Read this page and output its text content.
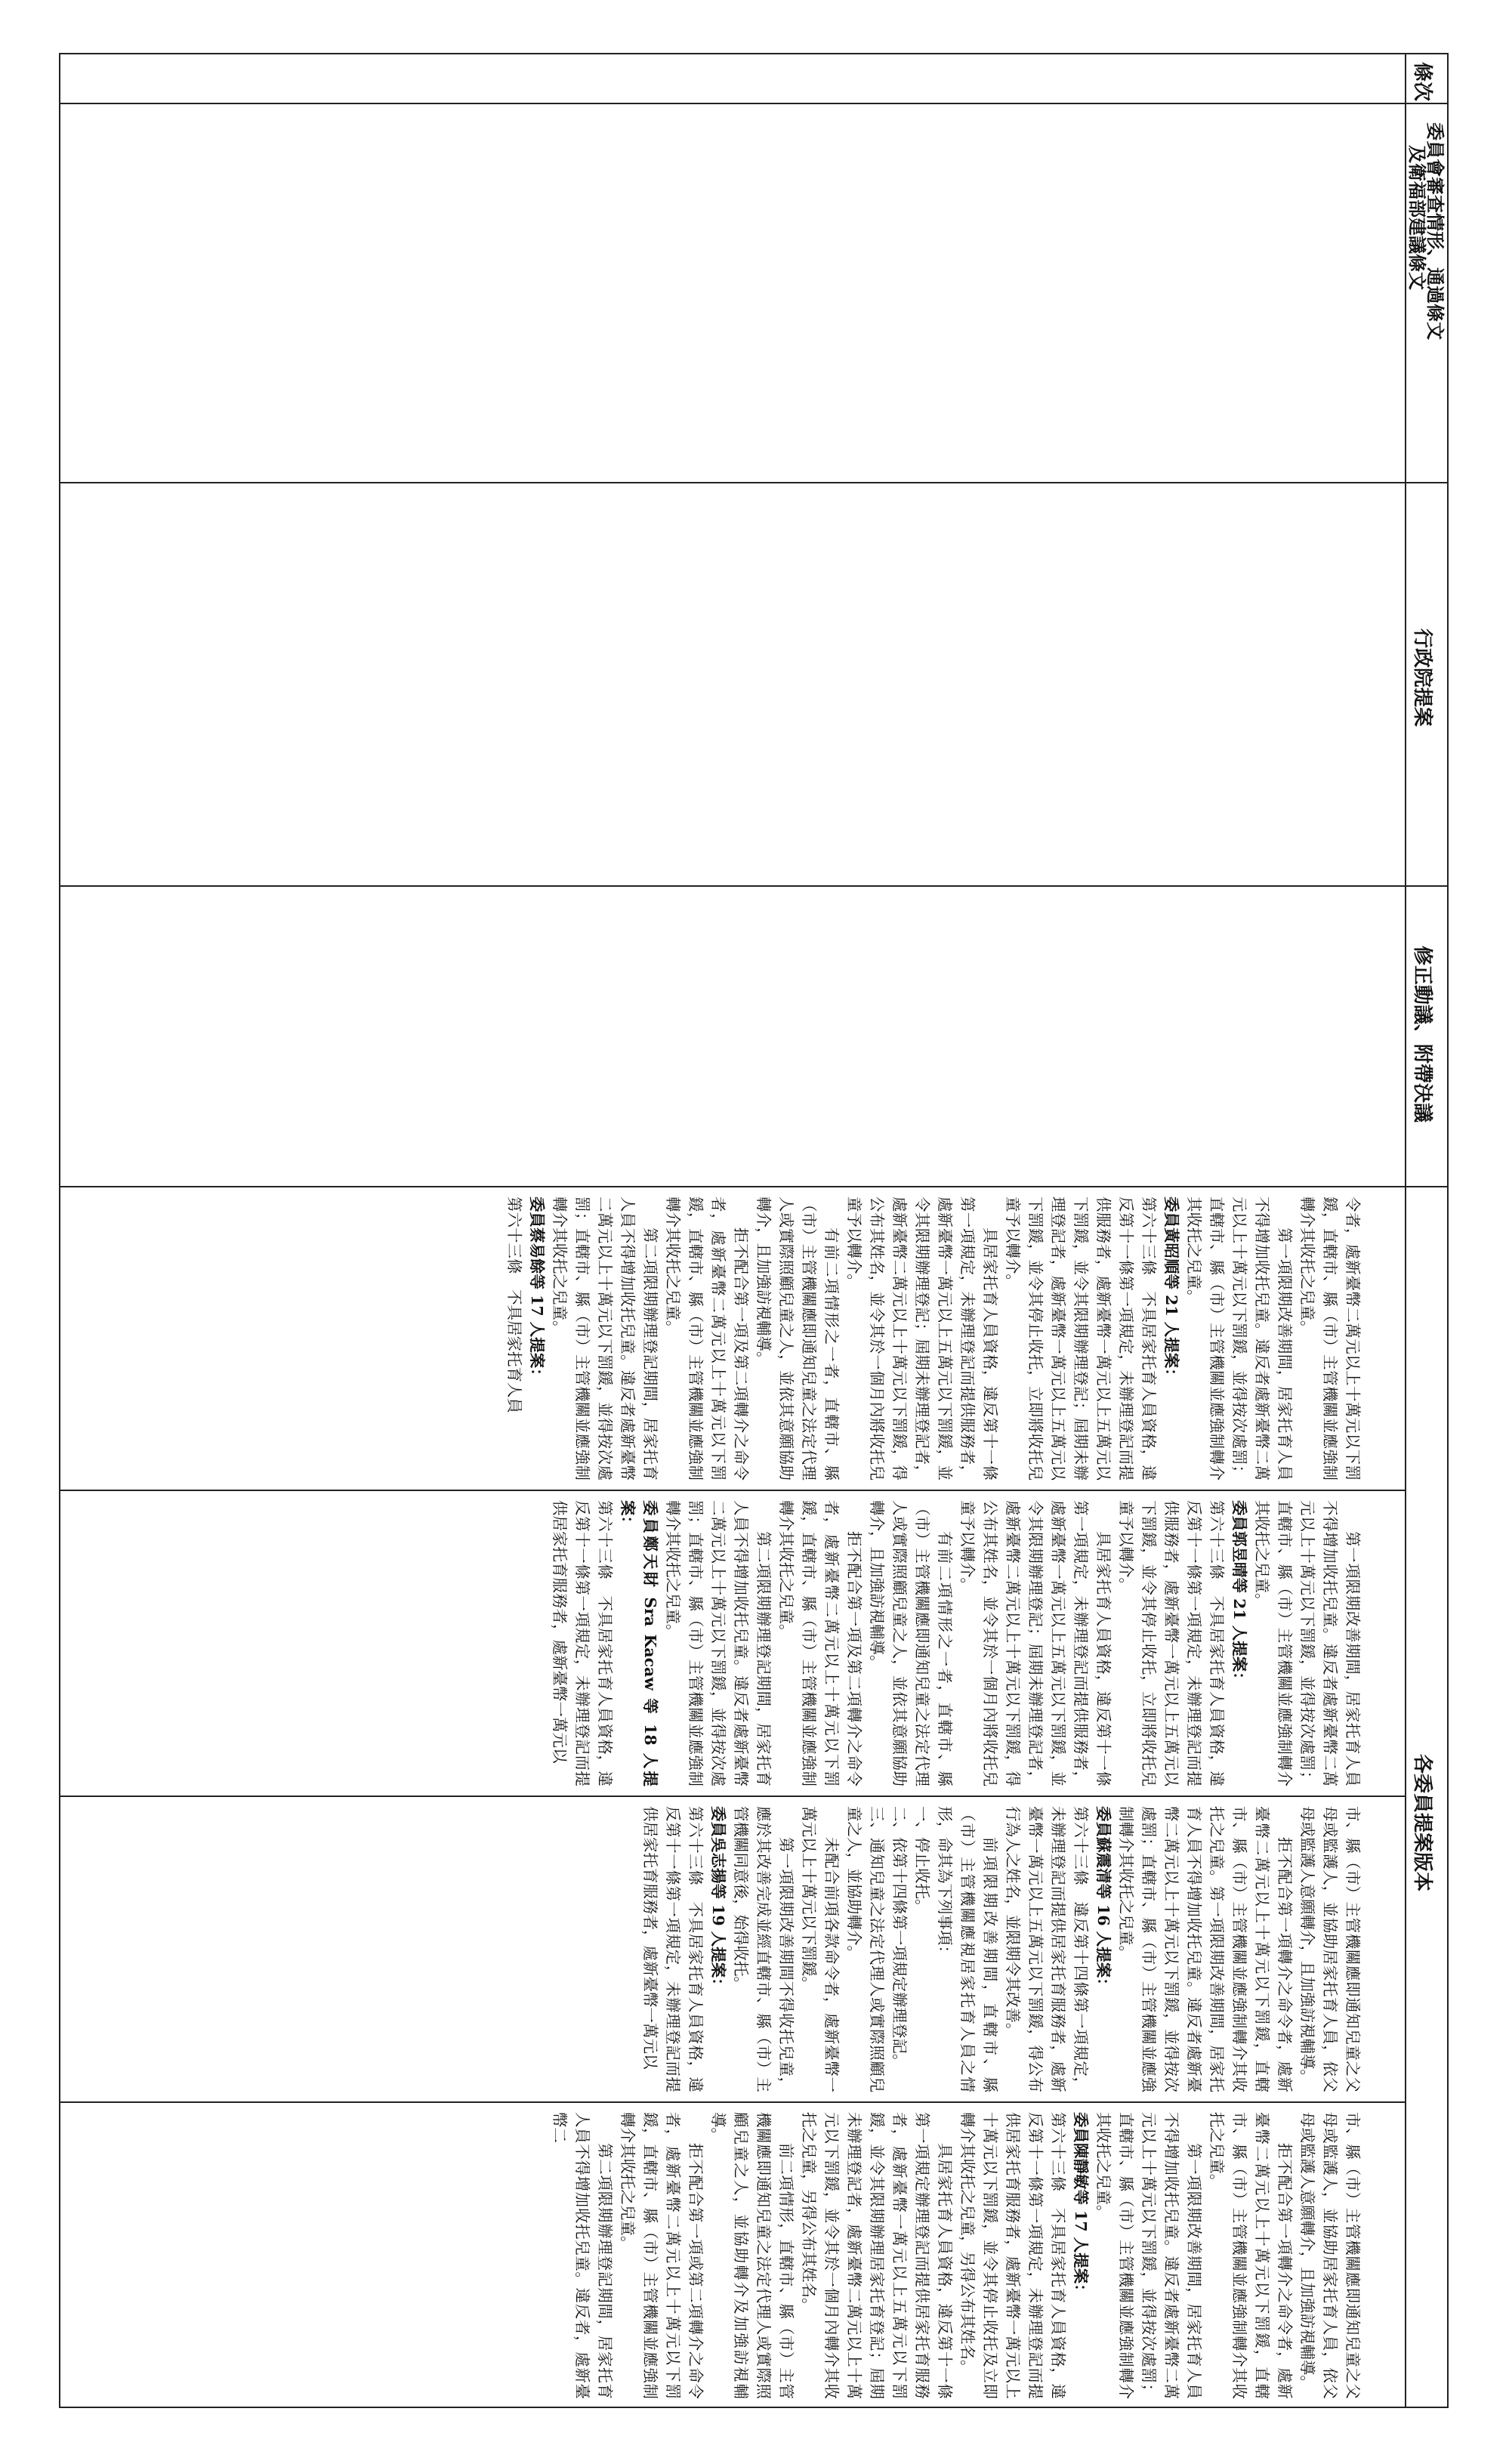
條次
委員會審查情形、通過條文
及衛福部建議條文
行政院提案
修正動議、附帶決議
各委員提案版本

令者，處新臺幣二萬元以上十萬元以下罰鍰，直轄市、縣（市）主管機關並應強制轉介其收托之兒童。

第一項限期改善期間，居家托育人員不得增加收托兒童。違反者處新臺幣二萬元以上十萬元以下罰鍰，並得按次處罰；直轄市、縣（市）主管機關並應強制轉介其收托之兒童。

委員黃昭順等 21 人提案：

第六十三條　不具居家托育人員資格，違反第十一條第一項規定，未辦理登記而提供服務者，處新臺幣一萬元以上五萬元以下罰鍰，並令其限期辦理登記；屆期未辦理登記者，處新臺幣一萬元以上五萬元以下罰鍰，並令其停止收托，立即將收托兒童予以轉介。

具居家托育人員資格，違反第十一條第一項規定，未辦理登記而提供服務者，處新臺幣一萬元以上五萬元以下罰鍰，並令其限期辦理登記；屆期未辦理登記者，處新臺幣二萬元以上十萬元以下罰鍰，得公布其姓名，並令其於一個月內將收托兒童予以轉介。

有前二項情形之一者，直轄市、縣（市）主管機關應即通知兒童之法定代理人或實際照顧兒童之人，並依其意願協助轉介，且加強訪視輔導。

拒不配合第一項及第二項轉介之命令者，處新臺幣二萬元以上十萬元以下罰鍰，直轄市、縣（市）主管機關並應強制轉介其收托之兒童。

第二項限期辦理登記期間，居家托育人員不得增加收托兒童。違反者處新臺幣二萬元以上十萬元以下罰鍰，並得按次處罰；直轄市、縣（市）主管機關並應強制轉介其收托之兒童。

委員蔡易餘等 17 人提案：

第六十三條　不具居家托育人員

第一項限期改善期間，居家托育人員不得增加收托兒童。違反者處新臺幣二萬元以上十萬元以下罰鍰，並得按次處罰；直轄市、縣（市）主管機關並應強制轉介其收托之兒童。

委員郭昱晴等 21 人提案：

第六十三條　不具居家托育人員資格，違反第十一條第一項規定，未辦理登記而提供服務者，處新臺幣一萬元以上五萬元以下罰鍰，並令其停止收托，立即將收托兒童予以轉介。

具居家托育人員資格，違反第十一條第一項規定，未辦理登記而提供服務者，處新臺幣一萬元以上五萬元以下罰鍰，並令其限期辦理登記；屆期未辦理登記者，處新臺幣二萬元以上十萬元以下罰鍰，得公布其姓名，並令其於一個月內將收托兒童予以轉介。

有前二項情形之一者，直轄市、縣（市）主管機關應即通知兒童之法定代理人或實際照顧兒童之人，並依其意願協助轉介，且加強訪視輔導。

拒不配合第一項及第二項轉介之命令者，處新臺幣二萬元以上十萬元以下罰鍰，直轄市、縣（市）主管機關並應強制轉介其收托之兒童。

第二項限期辦理登記期間，居家托育人員不得增加收托兒童。違反者處新臺幣二萬元以上十萬元以下罰鍰，並得按次處罰；直轄市、縣（市）主管機關並應強制轉介其收托之兒童。

委員鄭天財 Sra Kacaw 等 18 人提案：

第六十三條　不具居家托育人員資格，違反第十一條第一項規定，未辦理登記而提供居家托育服務者，處新臺幣一萬元以

市、縣（市）主管機關應即通知兒童之父母或監護人，並協助居家托育人員，依父母或監護人意願轉介，且加強訪視輔導。

拒不配合第一項轉介之命令者，處新臺幣二萬元以上十萬元以下罰鍰，直轄市、縣（市）主管機關並應強制轉介其收托之兒童。第一項限期改善期間，居家托育人員不得增加收托兒童。違反者處新臺幣二萬元以上十萬元以下罰鍰，並得按次處罰；直轄市、縣（市）主管機關並應強制轉介其收托之兒童。

委員蘇震清等 16 人提案：

第六十三條　違反第十四條第一項規定，未辦理登記而提供居家托育服務者，處新臺幣一萬元以上五萬元以下罰鍰，得公布行為人之姓名，並限期令其改善。

前項限期改善期間，直轄市、縣（市）主管機關應視居家托育人員之情形，命其為下列事項：

一、停止收托。

二、依第十四條第一項規定辦理登記。

三、通知兒童之法定代理人或實際照顧兒童之人，並協助轉介。

未配合前項各款命令者，處新臺幣一萬元以上十萬元以下罰鍰。

第一項限期改善期間不得收托兒童，應於其改善完成並經直轄市、縣（市）主管機關同意後，始得收托。

委員吳志揚等 19 人提案：

第六十三條　不具居家托育人員資格，違反第十一條第一項規定，未辦理登記而提供居家托育服務者，處新臺幣一萬元以

市、縣（市）主管機關應即通知兒童之父母或監護人，並協助居家托育人員，依父母或監護人意願轉介，且加強訪視輔導。

拒不配合第一項轉介之命令者，處新臺幣二萬元以上十萬元以下罰鍰，直轄市、縣（市）主管機關並應強制轉介其收托之兒童。

第一項限期改善期間，居家托育人員不得增加收托兒童。違反者處新臺幣二萬元以上十萬元以下罰鍰，並得按次處罰；直轄市、縣（市）主管機關並應強制轉介其收托之兒童。

委員陳靜敏等 17 人提案：

第六十三條　不具居家托育人員資格，違反第十一條第一項規定，未辦理登記而提供居家托育服務者，處新臺幣一萬元以上十萬元以下罰鍰，並令其停止收托及立即轉介其收托之兒童，另得公布其姓名。

具居家托育人員資格，違反第十一條第一項規定辦理登記而提供居家托育服務者，處新臺幣一萬元以上五萬元以下罰鍰，並令其限期辦理居家托育登記；屆期未辦理登記者，處新臺幣二萬元以上十萬元以下罰鍰，並令其於一個月內轉介其收托之兒童，另得公布其姓名。

前二項情形，直轄市、縣（市）主管機關應即通知兒童之法定代理人或實際照顧兒童之人，並協助轉介及加強訪視輔導。

拒不配合第一項或第二項轉介之命令者，處新臺幣二萬元以上十萬元以下罰鍰，直轄市、縣（市）主管機關並應強制轉介其收托之兒童。

第二項限期辦理登記期間，居家托育人員不得增加收托兒童。違反者，處新臺幣二
